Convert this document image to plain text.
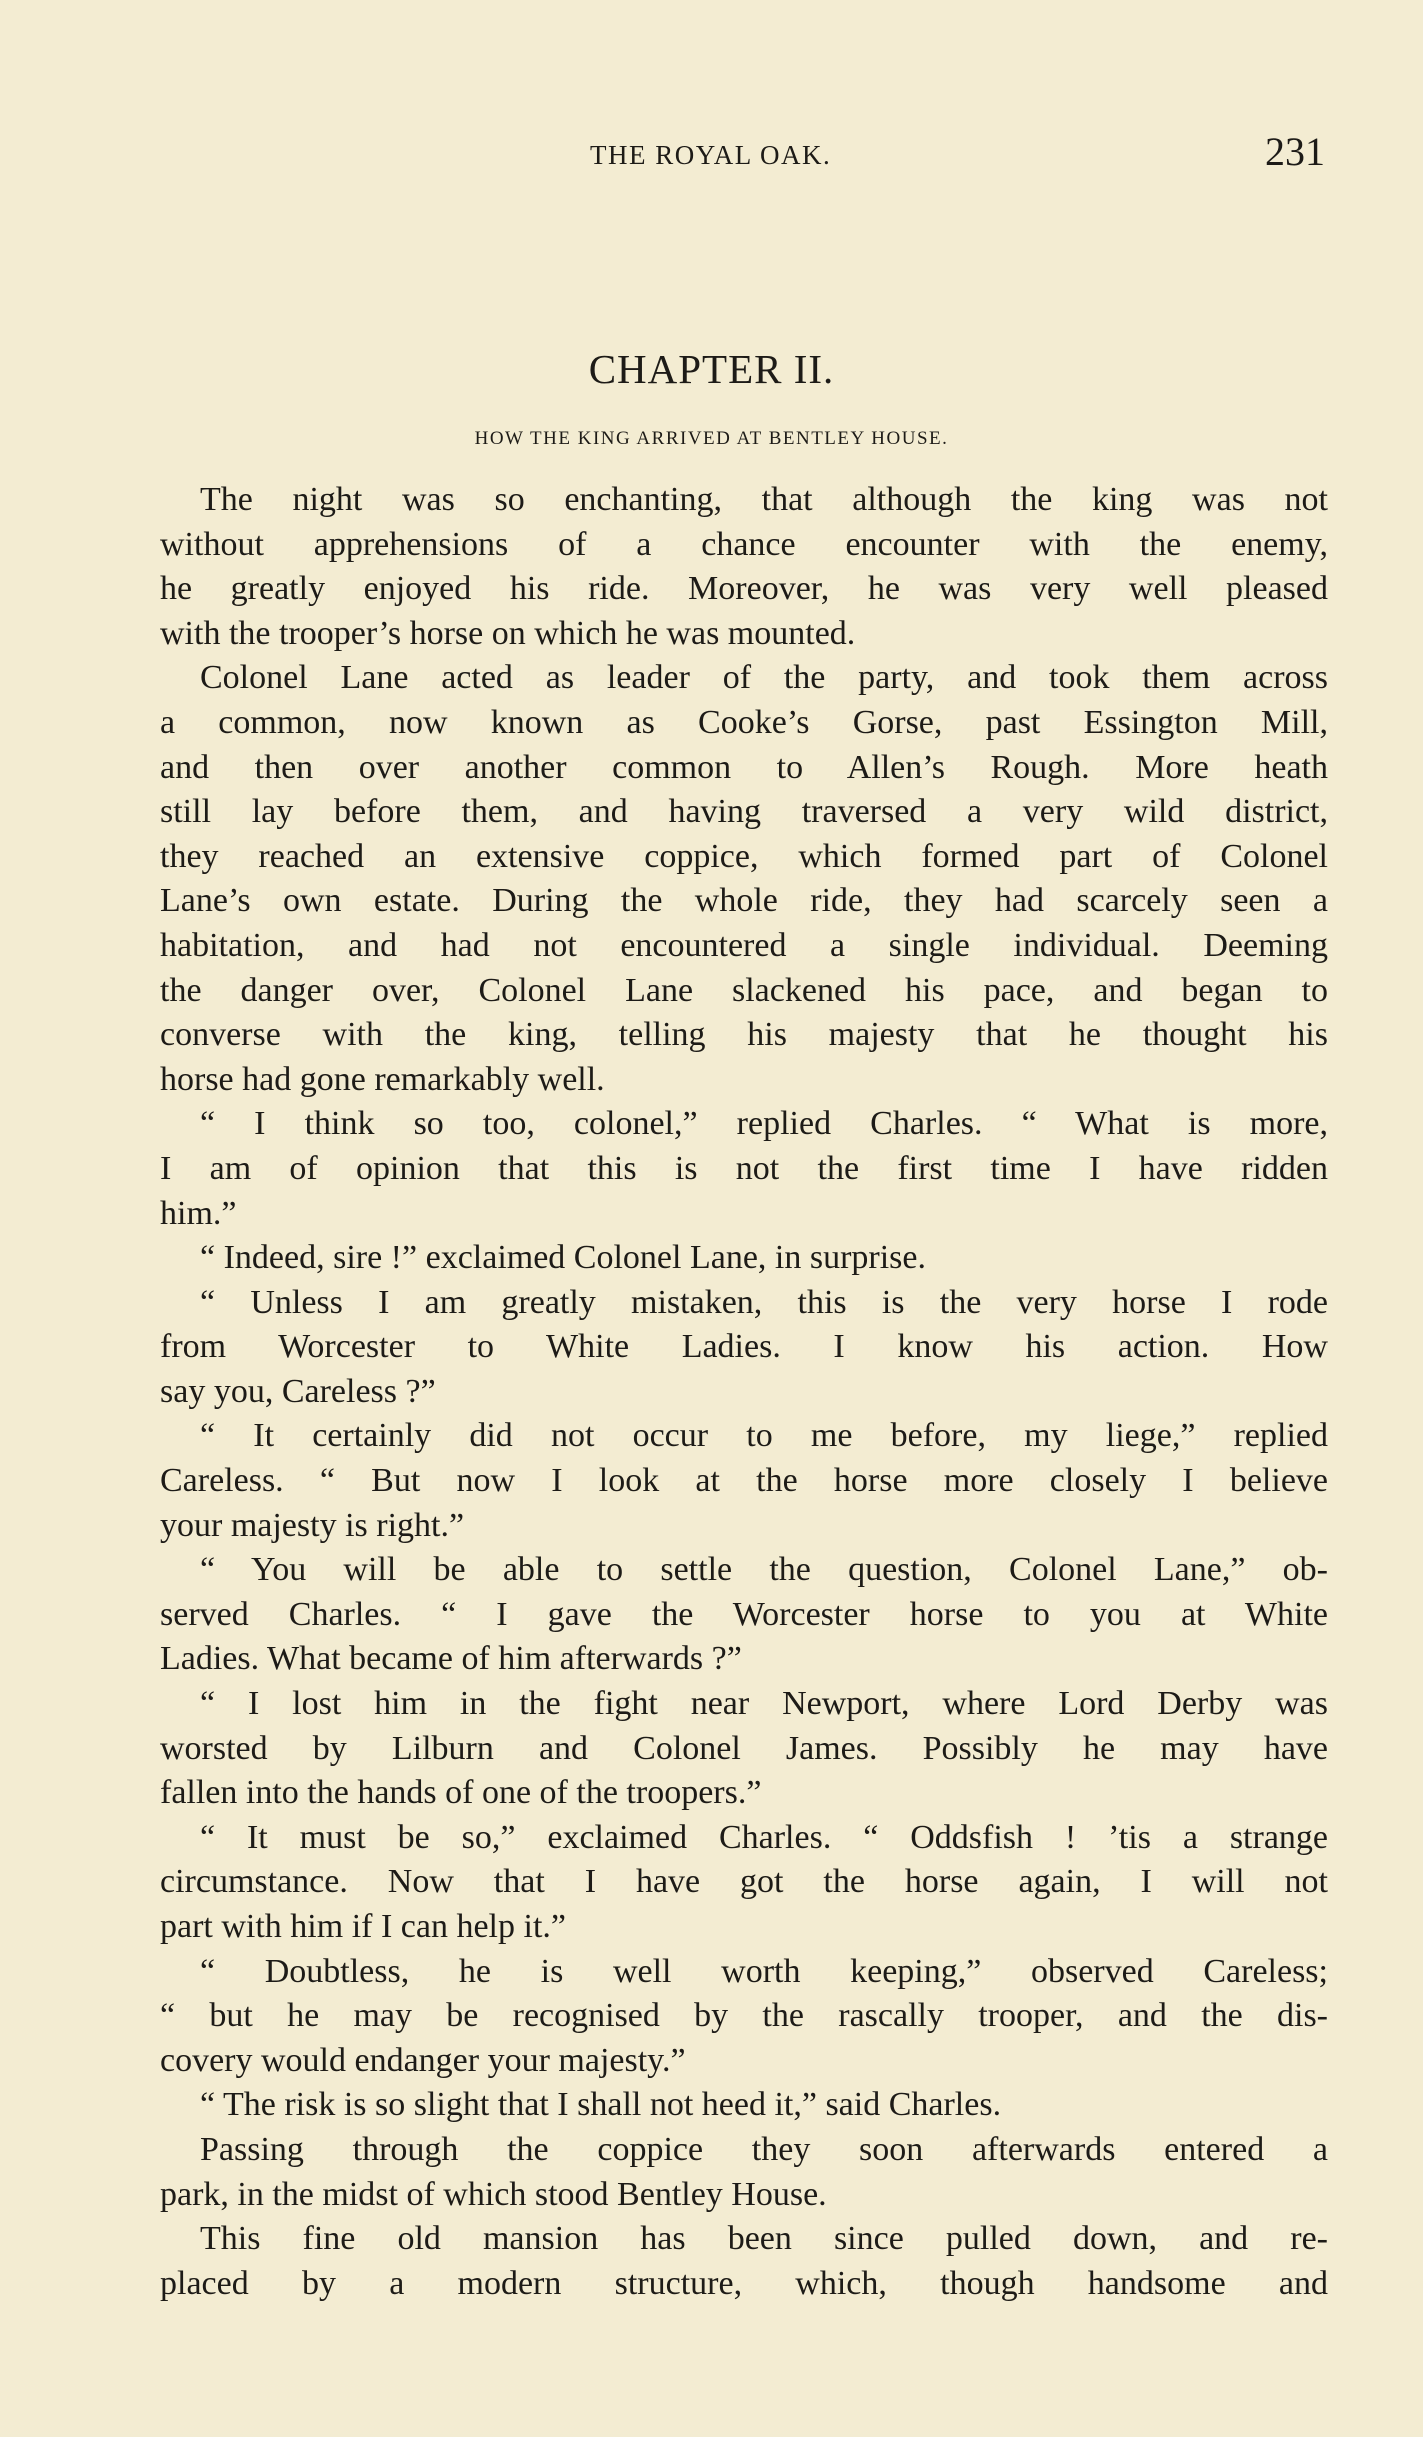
THE ROYAL OAK.	231
CHAPTER II.
HOW THE KING ARRIVED AT BENTLEY HOUSE.
The night was so enchanting, that although the king was not
without apprehensions of a chance encounter with the enemy,
he greatly enjoyed his ride. Moreover, he was very well pleased
with the trooper’s horse on which he was mounted.
Colonel Lane acted as leader of the party, and took them across
a common, now known as Cooke’s Gorse, past Essington Mill,
and then over another common to Allen’s Rough. More heath
still lay before them, and having traversed a very wild district,
they reached an extensive coppice, which formed part of Colonel
Lane’s own estate. During the whole ride, they had scarcely seen a
habitation, and had not encountered a single individual. Deeming
the danger over, Colonel Lane slackened his pace, and began to
converse with the king, telling his majesty that he thought his
horse had gone remarkably well.
“ I think so too, colonel,” replied Charles. “ What is more,
I am of opinion that this is not the first time I have ridden
him.”
“ Indeed, sire !” exclaimed Colonel Lane, in surprise.
“ Unless I am greatly mistaken, this is the very horse I rode
from Worcester to White Ladies. I know his action. How
say you, Careless ?”
“ It certainly did not occur to me before, my liege,” replied
Careless. “ But now I look at the horse more closely I believe
your majesty is right.”
“ You will be able to settle the question, Colonel Lane,” ob-
served Charles. “ I gave the Worcester horse to you at White
Ladies. What became of him afterwards ?”
“ I lost him in the fight near Newport, where Lord Derby was
worsted by Lilburn and Colonel James. Possibly he may have
fallen into the hands of one of the troopers.”
“ It must be so,” exclaimed Charles. “ Oddsfish ! ’tis a strange
circumstance. Now that I have got the horse again, I will not
part with him if I can help it.”
“ Doubtless, he is well worth keeping,” observed Careless;
“ but he may be recognised by the rascally trooper, and the dis-
covery would endanger your majesty.”
“ The risk is so slight that I shall not heed it,” said Charles.
Passing through the coppice they soon afterwards entered a
park, in the midst of which stood Bentley House.
This fine old mansion has been since pulled down, and re-
placed by a modern structure, which, though handsome and
